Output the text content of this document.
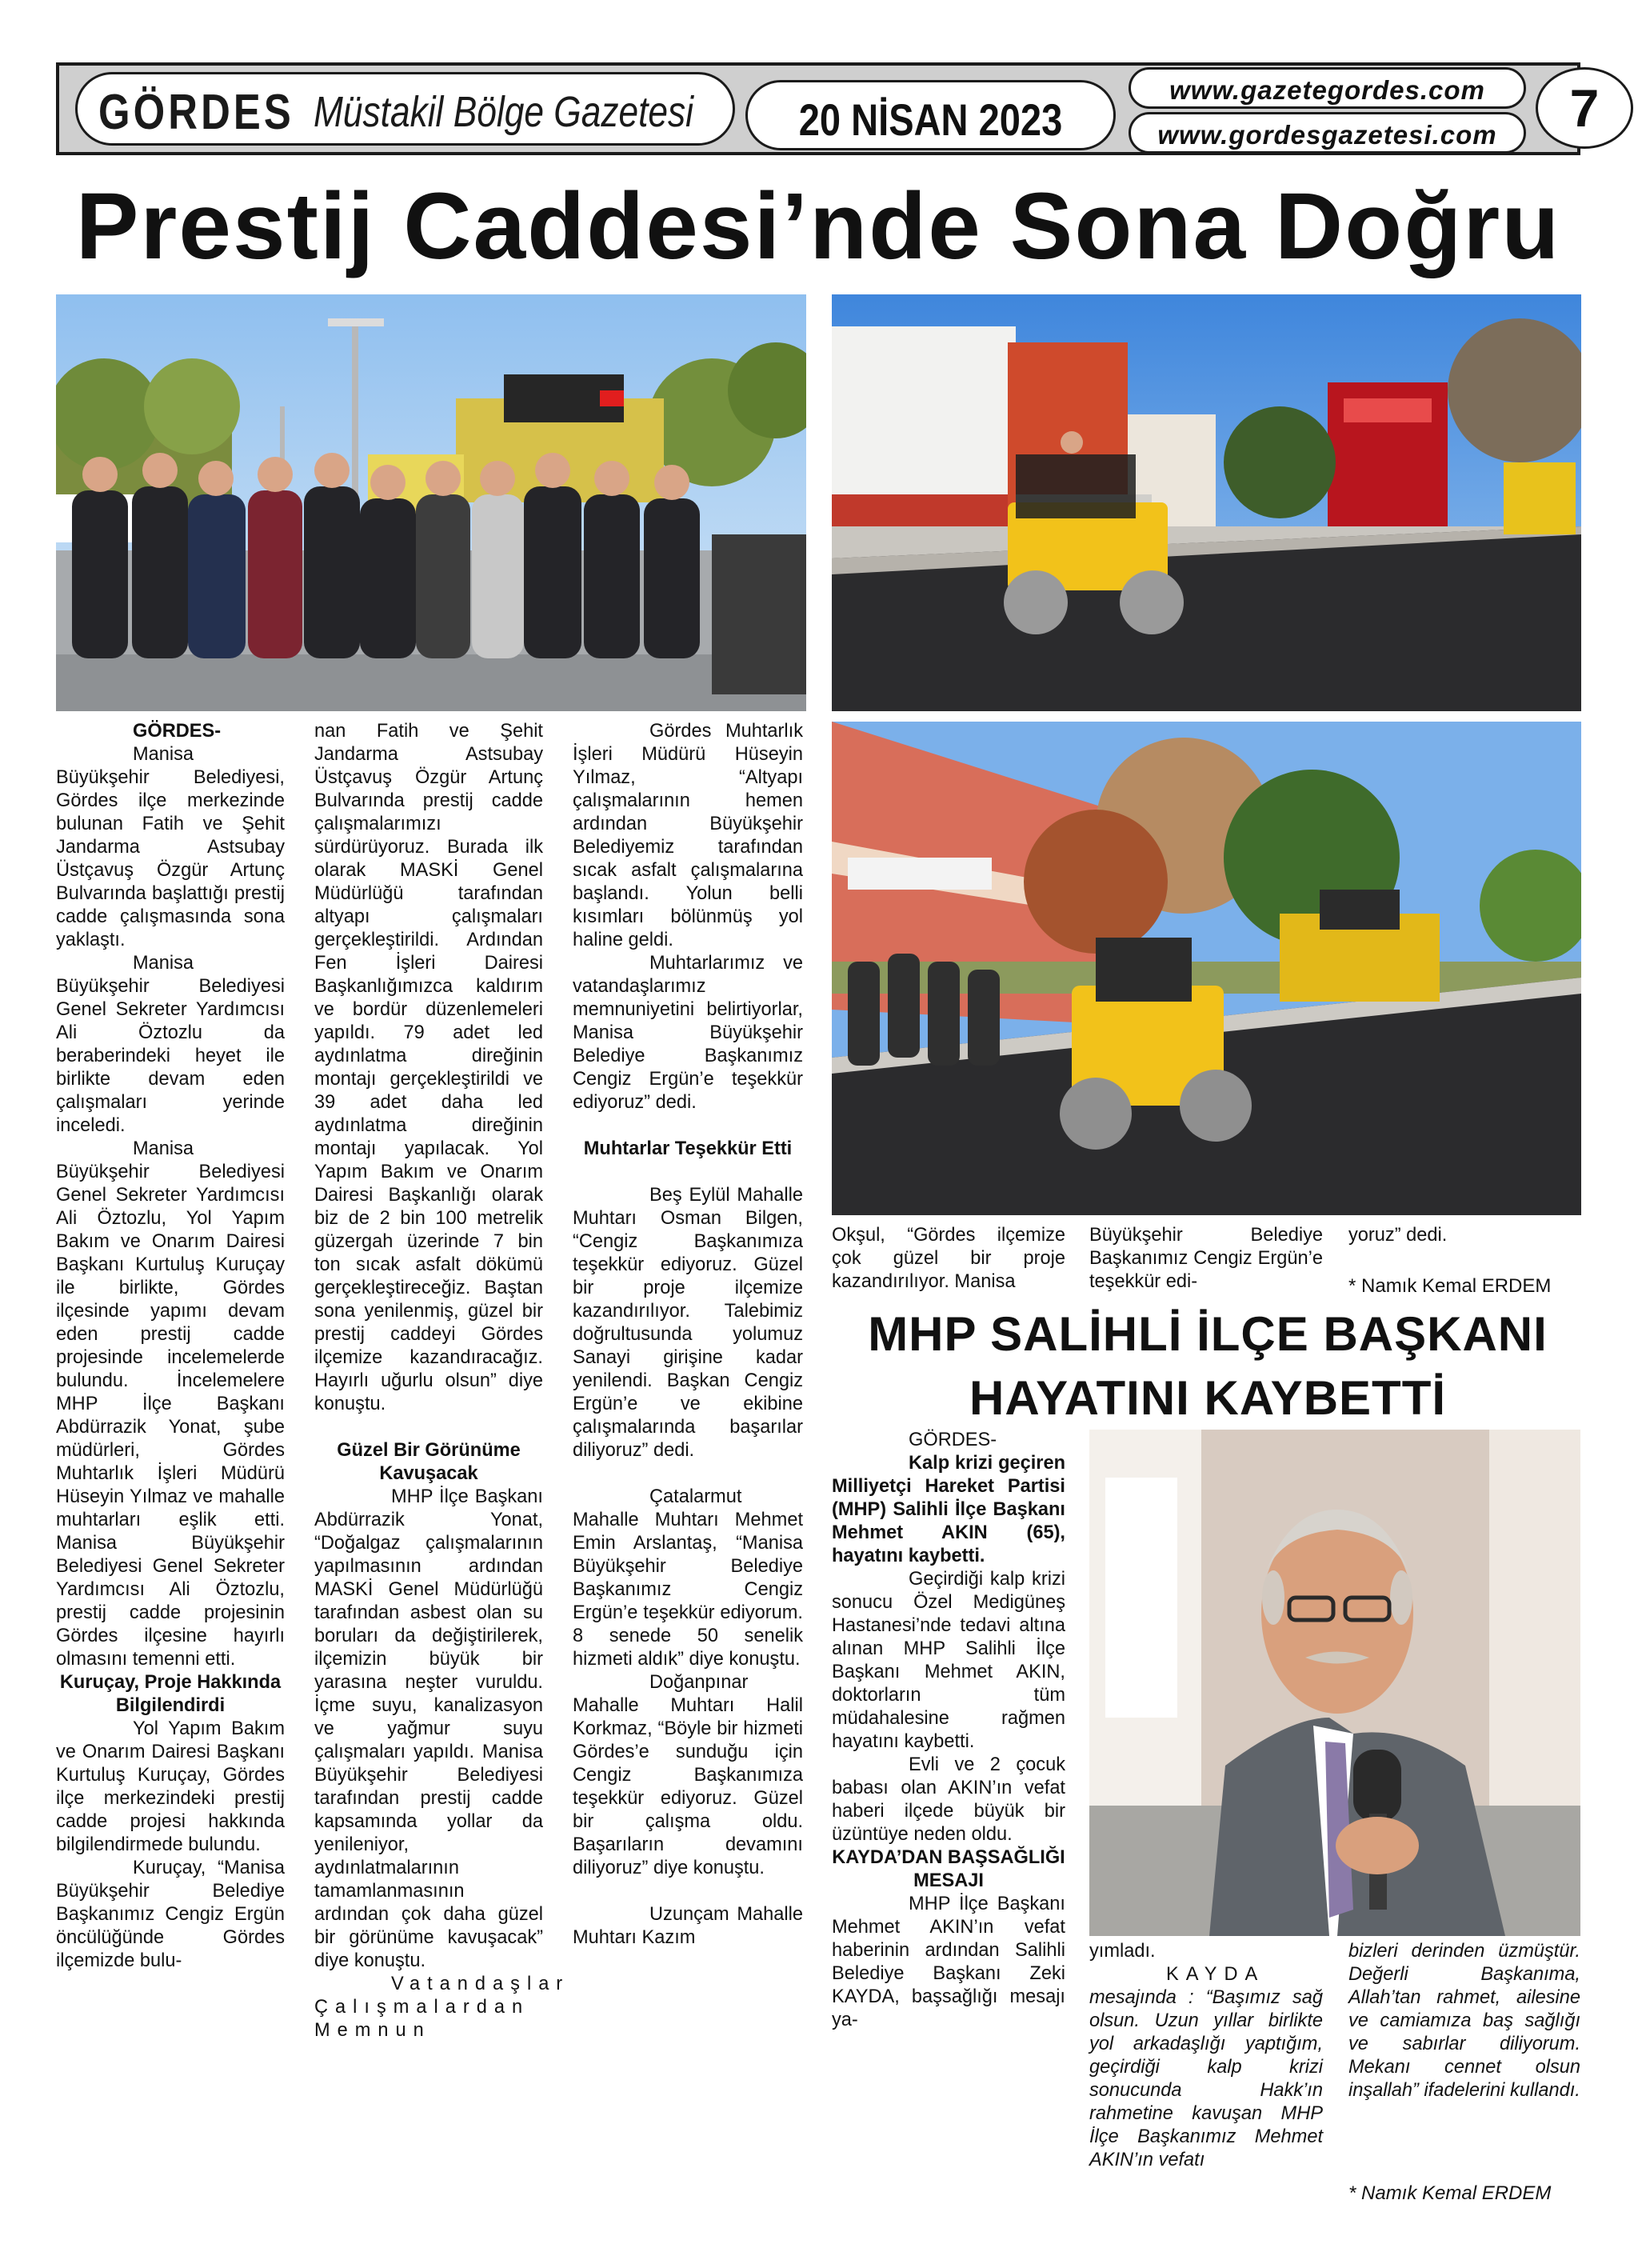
GÖRDES Müstakil Bölge Gazetesi	20 NİSAN 2023
www.gazetegordes.com
www.gordesgazetesi.com	7
Prestij Caddesi’nde Sona Doğru

GÖRDES-

Manisa Büyükşehir Belediyesi, Gördes ilçe merkezinde bulunan Fatih ve Şehit Jandarma Astsubay Üstçavuş Özgür Artunç Bulvarında başlattığı prestij cadde çalışmasında sona yaklaştı.

Manisa Büyükşehir Belediyesi Genel Sekreter Yardımcısı Ali Öztozlu da beraberindeki heyet ile birlikte devam eden çalışmaları yerinde inceledi.

Manisa Büyükşehir Belediyesi Genel Sekreter Yardımcısı Ali Öztozlu, Yol Yapım Bakım ve Onarım Dairesi Başkanı Kurtuluş Kuruçay ile birlikte, Gördes ilçesinde yapımı devam eden prestij cadde projesinde incelemelerde bulundu. İncelemelere MHP İlçe Başkanı Abdürrazik Yonat, şube müdürleri, Gördes Muhtarlık İşleri Müdürü Hüseyin Yılmaz ve mahalle muhtarları eşlik etti. Manisa Büyükşehir Belediyesi Genel Sekreter Yardımcısı Ali Öztozlu, prestij cadde projesinin Gördes ilçesine hayırlı olmasını temenni etti.

Kuruçay, Proje Hakkında Bilgilendirdi

Yol Yapım Bakım ve Onarım Dairesi Başkanı Kurtuluş Kuruçay, Gördes ilçe merkezindeki prestij cadde projesi hakkında bilgilendirmede bulundu.

Kuruçay, “Manisa Büyükşehir Belediye Başkanımız Cengiz Ergün öncülüğünde Gördes ilçemizde bulu-

nan Fatih ve Şehit Jandarma Astsubay Üstçavuş Özgür Artunç Bulvarında prestij cadde çalışmalarımızı sürdürüyoruz. Burada ilk olarak MASKİ Genel Müdürlüğü tarafından altyapı çalışmaları gerçekleştirildi. Ardından Fen İşleri Dairesi Başkanlığımızca kaldırım ve bordür düzenlemeleri yapıldı. 79 adet led aydınlatma direğinin montajı gerçekleştirildi ve 39 adet daha led aydınlatma direğinin montajı yapılacak. Yol Yapım Bakım ve Onarım Dairesi Başkanlığı olarak biz de 2 bin 100 metrelik güzergah üzerinde 7 bin ton sıcak asfalt dökümü gerçekleştireceğiz. Baştan sona yenilenmiş, güzel bir prestij caddeyi Gördes ilçemize kazandıracağız. Hayırlı uğurlu olsun” diye konuştu.

Güzel Bir Görünüme Kavuşacak

MHP İlçe Başkanı Abdürrazik Yonat, “Doğalgaz çalışmalarının yapılmasının ardından MASKİ Genel Müdürlüğü tarafından asbest olan su boruları da değiştirilerek, ilçemizin büyük bir yarasına neşter vuruldu. İçme suyu, kanalizasyon ve yağmur suyu çalışmaları yapıldı. Manisa Büyükşehir Belediyesi tarafından prestij cadde kapsamında yollar da yenileniyor, aydınlatmalarının tamamlanmasının ardından çok daha güzel bir görünüme kavuşacak” diye konuştu.

Vatandaşlar Çalışmalardan Memnun

Gördes Muhtarlık İşleri Müdürü Hüseyin Yılmaz, “Altyapı çalışmalarının hemen ardından Büyükşehir Belediyemiz tarafından sıcak asfalt çalışmalarına başlandı. Yolun belli kısımları bölünmüş yol haline geldi.

Muhtarlarımız ve vatandaşlarımız memnuniyetini belirtiyorlar, Manisa Büyükşehir Belediye Başkanımız Cengiz Ergün’e teşekkür ediyoruz” dedi.

Muhtarlar Teşekkür Etti

Beş Eylül Mahalle Muhtarı Osman Bilgen, “Cengiz Başkanımıza teşekkür ediyoruz. Güzel bir proje ilçemize kazandırılıyor. Talebimiz doğrultusunda yolumuz Sanayi girişine kadar yenilendi. Başkan Cengiz Ergün’e ve ekibine çalışmalarında başarılar diliyoruz” dedi.

Çatalarmut Mahalle Muhtarı Mehmet Emin Arslantaş, “Manisa Büyükşehir Belediye Başkanımız Cengiz Ergün’e teşekkür ediyorum. 8 senede 50 senelik hizmeti aldık” diye konuştu.

Doğanpınar Mahalle Muhtarı Halil Korkmaz, “Böyle bir hizmeti Gördes’e sunduğu için Cengiz Başkanımıza teşekkür ediyoruz. Güzel bir çalışma oldu. Başarıların devamını diliyoruz” diye konuştu.

Uzunçam Mahalle Muhtarı Kazım

Okşul, “Gördes ilçemize çok güzel bir proje kazandırılıyor. Manisa

Büyükşehir Belediye Başkanımız Cengiz Ergün’e teşekkür edi-

yoruz” dedi.

* Namık Kemal ERDEM
MHP SALİHLİ İLÇE BAŞKANI
HAYATINI KAYBETTİ

GÖRDES-

Kalp krizi geçiren Milliyetçi Hareket Partisi (MHP) Salihli İlçe Başkanı Mehmet AKIN (65), hayatını kaybetti.

Geçirdiği kalp krizi sonucu Özel Medigüneş Hastanesi’nde tedavi altına alınan MHP Salihli İlçe Başkanı Mehmet AKIN, doktorların tüm müdahalesine rağmen hayatını kaybetti.

Evli ve 2 çocuk babası olan AKIN’ın vefat haberi ilçede büyük bir üzüntüye neden oldu.

KAYDA’DAN BAŞSAĞLIĞI MESAJI

MHP İlçe Başkanı Mehmet AKIN’ın vefat haberinin ardından Salihli Belediye Başkanı Zeki KAYDA, başsağlığı mesajı ya-

yımladı.

KAYDA

mesajında : “Başımız sağ olsun. Uzun yıllar birlikte yol arkadaşlığı yaptığım, geçirdiği kalp krizi sonucunda Hakk’ın rahmetine kavuşan MHP İlçe Başkanımız Mehmet AKIN’ın vefatı

bizleri derinden üzmüştür. Değerli Başkanıma, Allah’tan rahmet, ailesine ve camiamıza baş sağlığı ve sabırlar diliyorum. Mekanı cennet olsun inşallah” ifadelerini kullandı.

* Namık Kemal ERDEM
